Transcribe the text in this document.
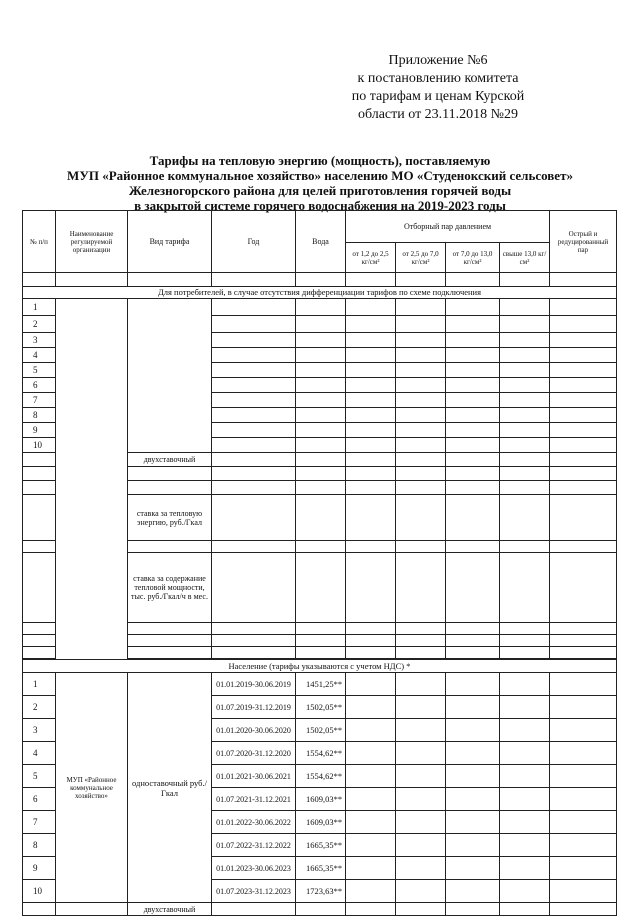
Приложение №6
к постановлению комитета
по тарифам и ценам Курской
области от 23.11.2018 №29
Тарифы на тепловую энергию (мощность), поставляемую
МУП «Районное коммунальное хозяйство» населению МО «Студенокский сельсовет»
Железногорского района для целей приготовления горячей воды
в закрытой системе горячего водоснабжения на 2019-2023 годы
№ п/п	Наименование регулируемой организации	Вид тарифа	Год	Вода	Отборный пар давлением				Острый и редуцированный пар
					от 1,2 до 2,5 кг/см²	от 2,5 до 7,0 кг/см²	от 7,0 до 13,0 кг/см²	свыше 13,0 кг/см²	

Для потребителей, в случае отсутствия дифференциации тарифов по схеме подключения									
1									
2									
3									
4									
5									
6									
7									
8									
9									
10									
		двухставочный							

		ставка за тепловую энергию, руб./Гкал							

		ставка за содержание тепловой мощности, тыс. руб./Гкал/ч в мес.							

Население (тарифы указываются с учетом НДС) *									
1	МУП «Районное коммунальное хозяйство»	одноставочный руб./Гкал	01.01.2019-30.06.2019	1451,25**					
2			01.07.2019-31.12.2019	1502,05**					
3			01.01.2020-30.06.2020	1502,05**					
4			01.07.2020-31.12.2020	1554,62**					
5			01.01.2021-30.06.2021	1554,62**					
6			01.07.2021-31.12.2021	1609,03**					
7			01.01.2022-30.06.2022	1609,03**					
8			01.07.2022-31.12.2022	1665,35**					
9			01.01.2023-30.06.2023	1665,35**					
10			01.07.2023-31.12.2023	1723,63**					
		двухставочный							
